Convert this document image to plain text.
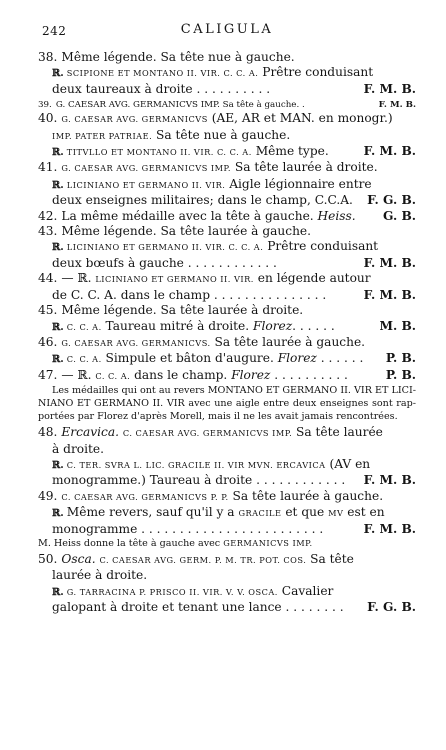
242	CALIGULA
38. Même légende. Sa tête nue à gauche.
ℝ. SCIPIONE ET MONTANO II. VIR. C. C. A. Prêtre conduisant
deux taureaux à droite . . . . . . . . . .	F. M. B.
39. G. CAESAR AVG. GERMANICVS IMP. Sa tête à gauche. .	F. M. B.
40. G. CAESAR AVG. GERMANICVS (AE, AR et MAN. en monogr.)
IMP. PATER PATRIAE. Sa tête nue à gauche.
ℝ. TITVLLO ET MONTANO II. VIR. C. C. A. Même type.	F. M. B.
41. G. CAESAR AVG. GERMANICVS IMP. Sa tête laurée à droite.
ℝ. LICINIANO ET GERMANO II. VIR. Aigle légionnaire entre
deux enseignes militaires; dans le champ, C.C.A. F. G. B.
42. La même médaille avec la tête à gauche. Heiss. G. B.
43. Même légende. Sa tête laurée à gauche.
ℝ. LICINIANO ET GERMANO II. VIR. C. C. A. Prêtre conduisant
deux bœufs à gauche . . . . . . . . . . . .	F. M. B.
44. — ℝ. LICINIANO ET GERMANO II. VIR. en légende autour
de C. C. A. dans le champ . . . . . . . . . . . . . . .	F. M. B.
45. Même légende. Sa tête laurée à droite.
ℝ. C. C. A. Taureau mitré à droite. Florez. . . . . .	M. B.
46. G. CAESAR AVG. GERMANICVS. Sa tête laurée à gauche.
ℝ. C. C. A. Simpule et bâton d'augure. Florez . . . . . . P. B.
47. — ℝ. C. C. A. dans le champ. Florez . . . . . . . . . .	P. B.
Les médailles qui ont au revers MONTANO ET GERMANO II. VIR ET LICI-
NIANO ET GERMANO II. VIR avec une aigle entre deux enseignes sont rap-
portées par Florez d'après Morell, mais il ne les avait jamais rencontrées.
48. Ercavica. C. CAESAR AVG. GERMANICVS IMP. Sa tête laurée
à droite.
ℝ. C. TER. SVRA L. LIC. GRACILE II. VIR MVN. ERCAVICA (AV en
monogramme.) Taureau à droite . . . . . . . . . . . . F. M. B.
49. C. CAESAR AVG. GERMANICVS P. P. Sa tête laurée à gauche.
ℝ. Même revers, sauf qu'il y a GRACILE et que MV est en
monogramme . . . . . . . . . . . . . . . . . . . . . . . .	F. M. B.
M. Heiss donne la tête à gauche avec GERMANICVS IMP.
50. Osca. C. CAESAR AVG. GERM. P. M. TR. POT. COS. Sa tête
laurée à droite.
ℝ. G. TARRACINA P. PRISCO II. VIR. V. V. OSCA. Cavalier
galopant à droite et tenant une lance . . . . . . . . F. G. B.
